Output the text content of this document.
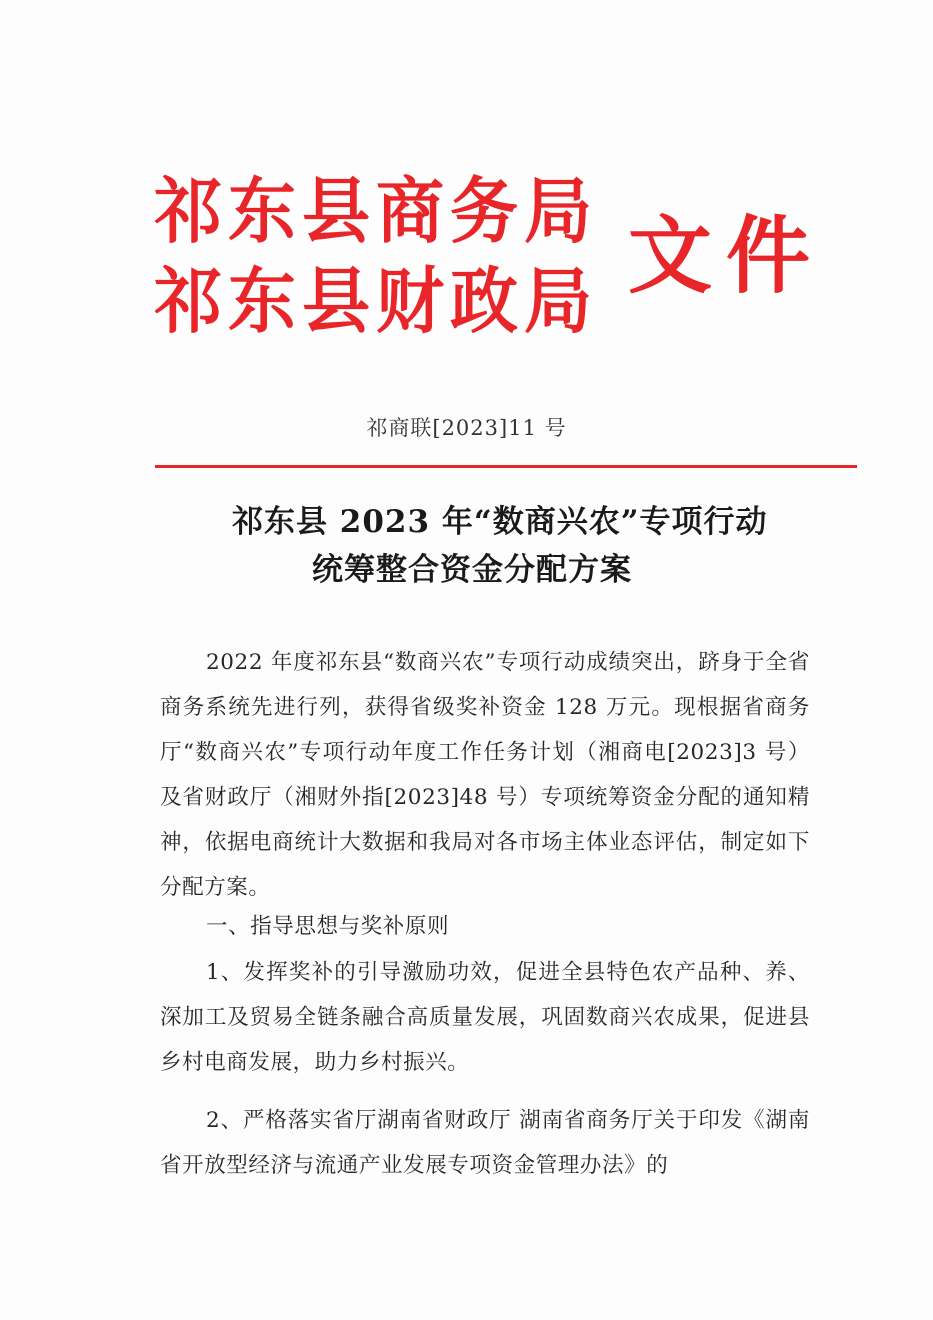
祁东县商务局
祁东县财政局 文件
祁商联[2023]11 号
祁东县 2023 年“数商兴农”专项行动
统筹整合资金分配方案
2022 年度祁东县“数商兴农”专项行动成绩突出，跻身于全省商务系统先进行列，获得省级奖补资金 128 万元。现根据省商务厅“数商兴农”专项行动年度工作任务计划（湘商电[2023]3 号）及省财政厅（湘财外指[2023]48 号）专项统筹资金分配的通知精神，依据电商统计大数据和我局对各市场主体业态评估，制定如下分配方案。
一、指导思想与奖补原则
1、发挥奖补的引导激励功效，促进全县特色农产品种、养、深加工及贸易全链条融合高质量发展，巩固数商兴农成果，促进县乡村电商发展，助力乡村振兴。
2、严格落实省厅湖南省财政厅 湖南省商务厅关于印发《湖南省开放型经济与流通产业发展专项资金管理办法》的
